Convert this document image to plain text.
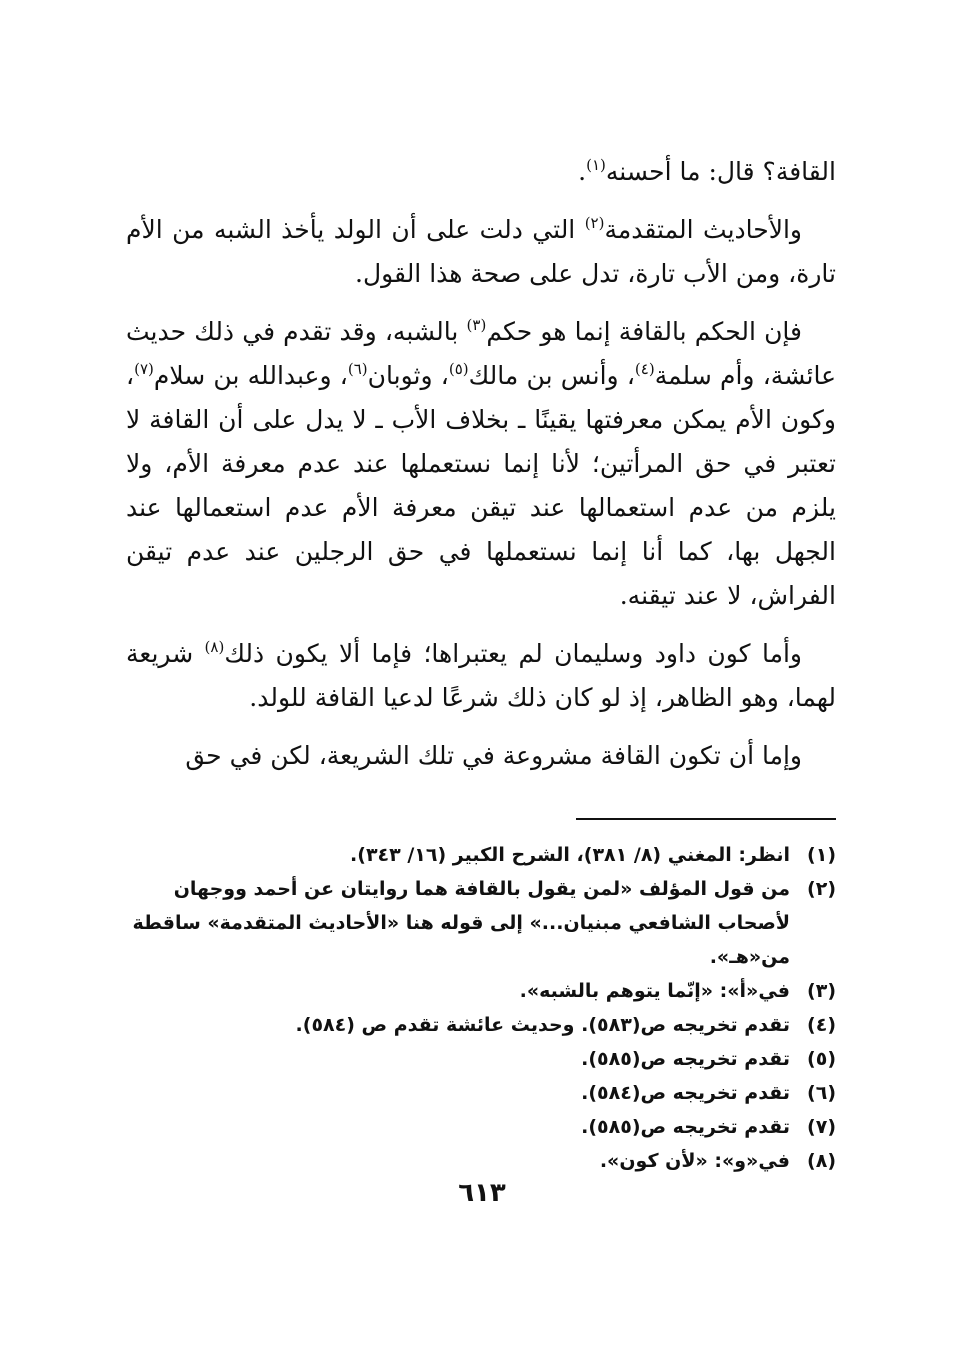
القافة؟ قال: ما أحسنه$^{(١)}$.

والأحاديث المتقدمة$^{(٢)}$ التي دلت على أن الولد يأخذ الشبه من الأم تارة، ومن الأب تارة، تدل على صحة هذا القول.

فإن الحكم بالقافة إنما هو حكم$^{(٣)}$ بالشبه، وقد تقدم في ذلك حديث عائشة، وأم سلمة$^{(٤)}$، وأنس بن مالك$^{(٥)}$، وثوبان$^{(٦)}$، وعبدالله بن سلام$^{(٧)}$، وكون الأم يمكن معرفتها يقينًا ـ بخلاف الأب ـ لا يدل على أن القافة لا تعتبر في حق المرأتين؛ لأنا إنما نستعملها عند عدم معرفة الأم، ولا يلزم من عدم استعمالها عند تيقن معرفة الأم عدم استعمالها عند الجهل بها، كما أنا إنما نستعملها في حق الرجلين عند عدم تيقن الفراش، لا عند تيقنه.

وأما كون داود وسليمان لم يعتبراها؛ فإما ألا يكون ذلك$^{(٨)}$ شريعة لهما، وهو الظاهر، إذ لو كان ذلك شرعًا لدعيا القافة للولد.

وإما أن تكون القافة مشروعة في تلك الشريعة، لكن في حق

(١)
انظر: المغني (٨/ ٣٨١)، الشرح الكبير (١٦/ ٣٤٣).
(٢)
من قول المؤلف «لمن يقول بالقافة هما روايتان عن أحمد ووجهان لأصحاب الشافعي مبنيان...» إلى قوله هنا «الأحاديث المتقدمة» ساقطة من«هـ».
(٣)
في«أ»: «إنّما يتوهم بالشبه».
(٤)
تقدم تخريجه ص(٥٨٣). وحديث عائشة تقدم ص (٥٨٤).
(٥)
تقدم تخريجه ص(٥٨٥).
(٦)
تقدم تخريجه ص(٥٨٤).
(٧)
تقدم تخريجه ص(٥٨٥).
(٨)
في«و»: «لأن كون».
٦١٣
